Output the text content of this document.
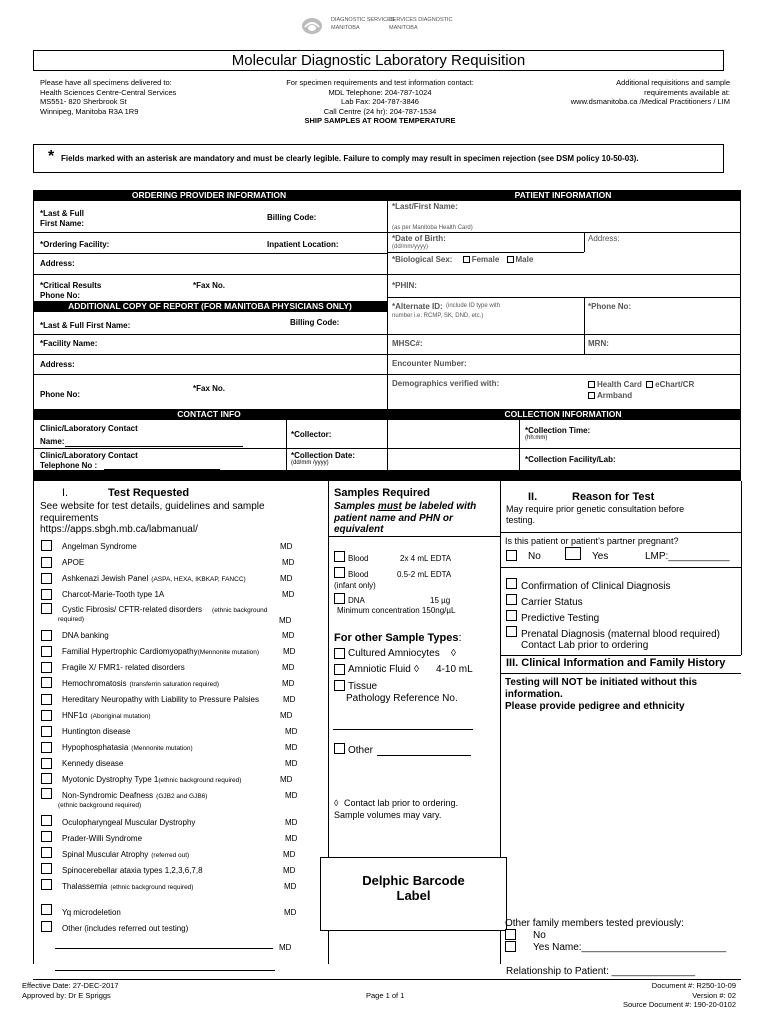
DIAGNOSTIC SERVICES
SERVICES DIAGNOSTIC
MANITOBA	MANITOBA
Molecular Diagnostic Laboratory Requisition
Please have all specimens delivered to:
Health Sciences Centre-Central Services
MS551- 820 Sherbrook St
Winnipeg, Manitoba R3A 1R9
For specimen requirements and test information contact:
MDL Telephone: 204-787-1024
Lab Fax: 204-787-3846
Call Centre (24 hr): 204-787-1534
SHIP SAMPLES AT ROOM TEMPERATURE
Additional requisitions and sample
requirements available at:
www.dsmanitoba.ca /Medical Practitioners / LIM
* Fields marked with an asterisk are mandatory and must be clearly legible. Failure to comply may result in specimen rejection (see DSM policy 10-50-03).
ORDERING PROVIDER INFORMATION	PATIENT INFORMATION
*Last & Full
First Name:
Billing Code:
*Ordering Facility:	Inpatient Location:
Address:
*Critical Results
Phone No:
*Fax No.
ADDITIONAL COPY OF REPORT (FOR MANITOBA PHYSICIANS ONLY)
*Last & Full First Name:	Billing Code:
*Facility Name:
Address:
Phone No:
*Fax No.
*Last/First Name:
(as per Manitoba Health Card)
*Date of Birth:
(dd/mm/yyyy)
Address:
*Biological Sex: Female Male
*PHIN:
*Alternate ID: (include ID type with
number i.e. RCMP, SK, DND, etc.)
*Phone No:
MHSC#:	MRN:
Encounter Number:
Demographics verified with:	Health Card eChart/CR
Armband
CONTACT INFO	COLLECTION INFORMATION
Clinic/Laboratory Contact
Name:
*Collector:
Clinic/Laboratory Contact
Telephone No :
*Collection Date:
(dd/mm /yyyy)
*Collection Time:
(hh:mm)
*Collection Facility/Lab:
I.	Test Requested
See website for test details, guidelines and sample
requirements
https://apps.sbgh.mb.ca/labmanual/
Angelman Syndrome	MD
APOE	MD
Ashkenazi Jewish Panel (ASPA, HEXA, IKBKAP, FANCC)	MD
Charcot-Marie-Tooth type 1A	MD
Cystic Fibrosis/ CFTR-related disorders (ethnic background
required)	MD
DNA banking	MD
Familial Hypertrophic Cardiomyopathy(Mennonite mutation)	MD
Fragile X/ FMR1- related disorders	MD
Hemochromatosis (transferrin saturation required)	MD
Hereditary Neuropathy with Liability to Pressure Palsies	MD
HNF1α (Aboriginal mutation)	MD
Huntington disease	MD
Hypophosphatasia (Mennonite mutation)	MD
Kennedy disease	MD
Myotonic Dystrophy Type 1(ethnic background required)	MD
Non-Syndromic Deafness (GJB2 and GJB6)
(ethnic background required)
MD
Oculopharyngeal Muscular Dystrophy	MD
Prader-Willi Syndrome	MD
Spinal Muscular Atrophy (referred out)	MD
Spinocerebellar ataxia types 1,2,3,6,7,8	MD
Thalassemia (ethnic background required)	MD
Yq microdeletion	MD
Other (includes referred out testing)
MD
Samples Required
Samples must be labeled with
patient name and PHN or
equivalent
Blood	2x 4 mL EDTA
Blood	0.5-2 mL EDTA
(infant only)
DNA	15 µg
Minimum concentration 150ng/µL
For other Sample Types:
Cultured Amniocytes ◊
Amniotic Fluid ◊ 4-10 mL
Tissue
Pathology Reference No.
Other
◊ Contact lab prior to ordering.
Sample volumes may vary.
Delphic Barcode
Label
II.	Reason for Test
May require prior genetic consultation before
testing.
Is this patient or patient’s partner pregnant?
No	Yes	LMP:___________
Confirmation of Clinical Diagnosis
Carrier Status
Predictive Testing
Prenatal Diagnosis (maternal blood required)
Contact Lab prior to ordering
III. Clinical Information and Family History
Testing will NOT be initiated without this
information.
Please provide pedigree and ethnicity
Other family members tested previously:
No
Yes Name:__________________________
Relationship to Patient: _______________
Effective Date: 27-DEC-2017
Approved by: Dr E Spriggs	Page 1 of 1
Document #: R250-10-09
Version #: 02
Source Document #: 190-20-0102
